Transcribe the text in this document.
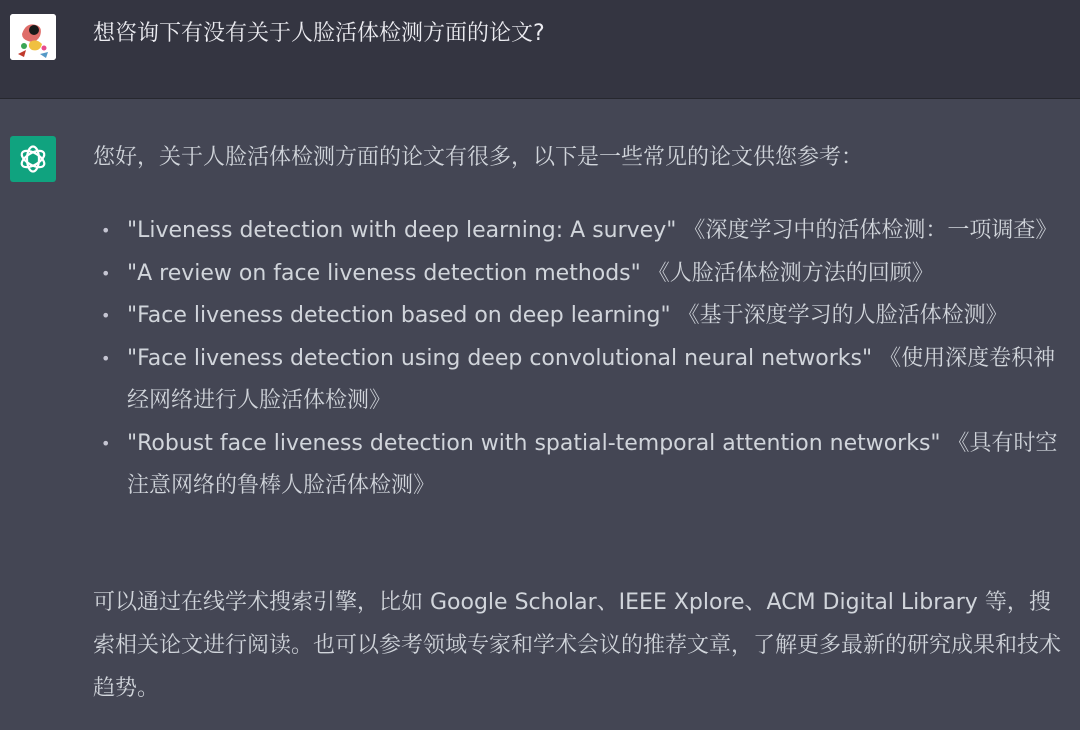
想咨询下有没有关于人脸活体检测方面的论文?

您好，关于人脸活体检测方面的论文有很多，以下是一些常见的论文供您参考：

• "Liveness detection with deep learning: A survey" 《深度学习中的活体检测：一项调查》
• "A review on face liveness detection methods" 《人脸活体检测方法的回顾》
• "Face liveness detection based on deep learning" 《基于深度学习的人脸活体检测》
• "Face liveness detection using deep convolutional neural networks" 《使用深度卷积神经网络进行人脸活体检测》
• "Robust face liveness detection with spatial-temporal attention networks" 《具有时空注意网络的鲁棒人脸活体检测》

可以通过在线学术搜索引擎，比如 Google Scholar、IEEE Xplore、ACM Digital Library 等，搜索相关论文进行阅读。也可以参考领域专家和学术会议的推荐文章，了解更多最新的研究成果和技术趋势。
